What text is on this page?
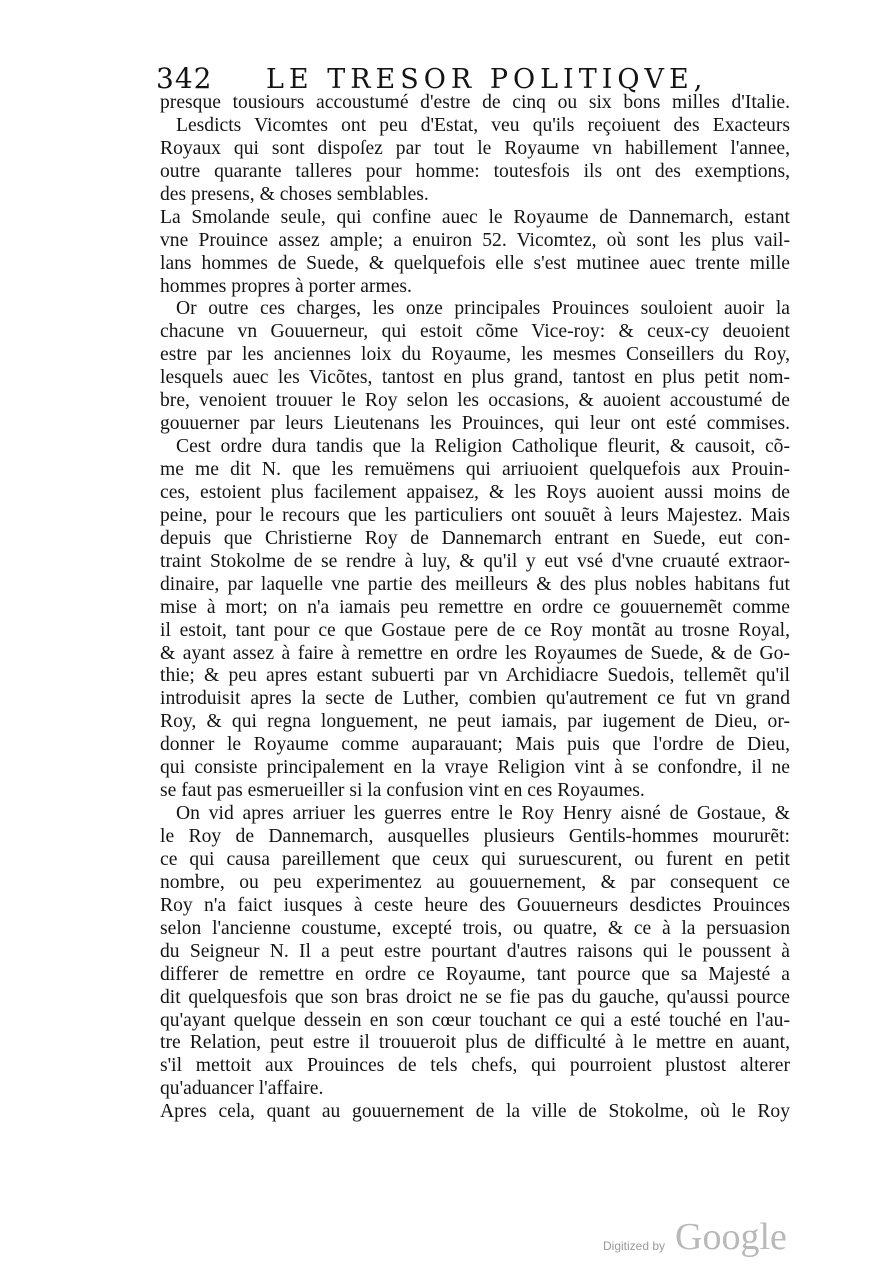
342 LE TRESOR POLITIQVE,
presque tousiours accoustumé d'estre de cinq ou six bons milles d'Italie.
Lesdicts Vicomtes ont peu d'Estat, veu qu'ils reçoiuent des Exacteurs
Royaux qui sont dispoſez par tout le Royaume vn habillement l'annee,
outre quarante talleres pour homme: toutesfois ils ont des exemptions,
des presens, & choses semblables.
La Smolande seule, qui confine auec le Royaume de Dannemarch, estant
vne Prouince assez ample; a enuiron 52. Vicomtez, où sont les plus vail-
lans hommes de Suede, & quelquefois elle s'est mutinee auec trente mille
hommes propres à porter armes.
Or outre ces charges, les onze principales Prouinces souloient auoir la
chacune vn Gouuerneur, qui estoit cõme Vice-roy: & ceux-cy deuoient
estre par les anciennes loix du Royaume, les mesmes Conseillers du Roy,
lesquels auec les Vicõtes, tantost en plus grand, tantost en plus petit nom-
bre, venoient trouuer le Roy selon les occasions, & auoient accoustumé de
gouuerner par leurs Lieutenans les Prouinces, qui leur ont esté commises.
Cest ordre dura tandis que la Religion Catholique fleurit, & causoit, cõ-
me me dit N. que les remuëmens qui arriuoient quelquefois aux Prouin-
ces, estoient plus facilement appaisez, & les Roys auoient aussi moins de
peine, pour le recours que les particuliers ont souuẽt à leurs Majestez. Mais
depuis que Christierne Roy de Dannemarch entrant en Suede, eut con-
traint Stokolme de se rendre à luy, & qu'il y eut vsé d'vne cruauté extraor-
dinaire, par laquelle vne partie des meilleurs & des plus nobles habitans fut
mise à mort; on n'a iamais peu remettre en ordre ce gouuernemẽt comme
il estoit, tant pour ce que Gostaue pere de ce Roy montãt au trosne Royal,
& ayant assez à faire à remettre en ordre les Royaumes de Suede, & de Go-
thie; & peu apres estant subuerti par vn Archidiacre Suedois, tellemẽt qu'il
introduisit apres la secte de Luther, combien qu'autrement ce fut vn grand
Roy, & qui regna longuement, ne peut iamais, par iugement de Dieu, or-
donner le Royaume comme auparauant; Mais puis que l'ordre de Dieu,
qui consiste principalement en la vraye Religion vint à se confondre, il ne
se faut pas esmerueiller si la confusion vint en ces Royaumes.
On vid apres arriuer les guerres entre le Roy Henry aisné de Gostaue, &
le Roy de Dannemarch, ausquelles plusieurs Gentils-hommes moururẽt:
ce qui causa pareillement que ceux qui suruescurent, ou furent en petit
nombre, ou peu experimentez au gouuernement, & par consequent ce
Roy n'a faict iusques à ceste heure des Gouuerneurs desdictes Prouinces
selon l'ancienne coustume, excepté trois, ou quatre, & ce à la persuasion
du Seigneur N. Il a peut estre pourtant d'autres raisons qui le poussent à
differer de remettre en ordre ce Royaume, tant pource que sa Majesté a
dit quelquesfois que son bras droict ne se fie pas du gauche, qu'aussi pource
qu'ayant quelque dessein en son cœur touchant ce qui a esté touché en l'au-
tre Relation, peut estre il trouueroit plus de difficulté à le mettre en auant,
s'il mettoit aux Prouinces de tels chefs, qui pourroient plustost alterer
qu'aduancer l'affaire.
Apres cela, quant au gouuernement de la ville de Stokolme, où le Roy
Digitized by Google
